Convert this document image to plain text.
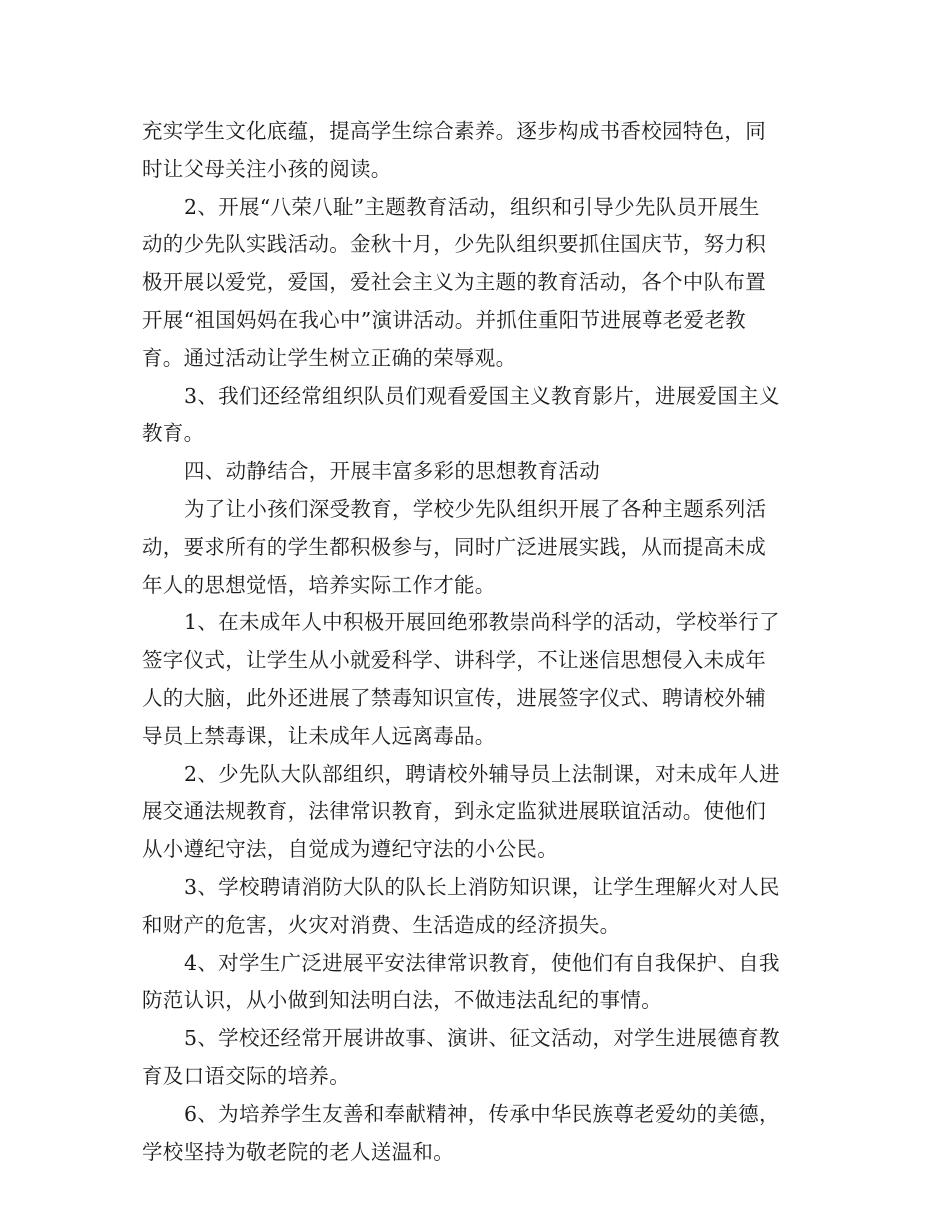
充实学生文化底蕴，提高学生综合素养。逐步构成书香校园特色，同
时让父母关注小孩的阅读。
2、开展“八荣八耻”主题教育活动，组织和引导少先队员开展生
动的少先队实践活动。金秋十月，少先队组织要抓住国庆节，努力积
极开展以爱党，爱国，爱社会主义为主题的教育活动，各个中队布置
开展“祖国妈妈在我心中”演讲活动。并抓住重阳节进展尊老爱老教
育。通过活动让学生树立正确的荣辱观。
3、我们还经常组织队员们观看爱国主义教育影片，进展爱国主义
教育。
四、动静结合，开展丰富多彩的思想教育活动
为了让小孩们深受教育，学校少先队组织开展了各种主题系列活
动，要求所有的学生都积极参与，同时广泛进展实践，从而提高未成
年人的思想觉悟，培养实际工作才能。
1、在未成年人中积极开展回绝邪教崇尚科学的活动，学校举行了
签字仪式，让学生从小就爱科学、讲科学，不让迷信思想侵入未成年
人的大脑，此外还进展了禁毒知识宣传，进展签字仪式、聘请校外辅
导员上禁毒课，让未成年人远离毒品。
2、少先队大队部组织，聘请校外辅导员上法制课，对未成年人进
展交通法规教育，法律常识教育，到永定监狱进展联谊活动。使他们
从小遵纪守法，自觉成为遵纪守法的小公民。
3、学校聘请消防大队的队长上消防知识课，让学生理解火对人民
和财产的危害，火灾对消费、生活造成的经济损失。
4、对学生广泛进展平安法律常识教育，使他们有自我保护、自我
防范认识，从小做到知法明白法，不做违法乱纪的事情。
5、学校还经常开展讲故事、演讲、征文活动，对学生进展德育教
育及口语交际的培养。
6、为培养学生友善和奉献精神，传承中华民族尊老爱幼的美德，
学校坚持为敬老院的老人送温和。
